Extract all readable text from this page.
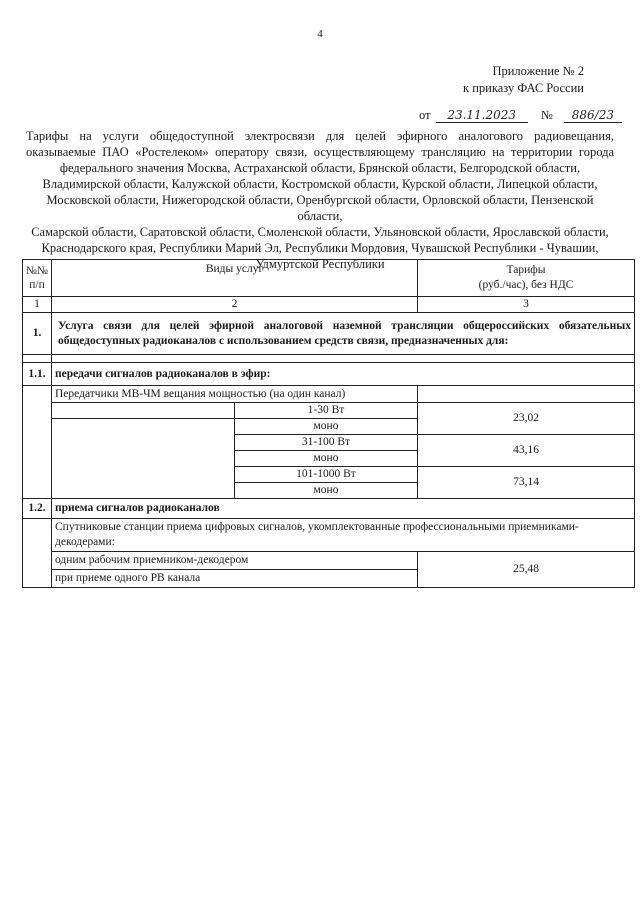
4
Приложение № 2
к приказу ФАС России
от 23.11.2023 № 886/23
Тарифы на услуги общедоступной электросвязи для целей эфирного аналогового радиовещания,
оказываемые ПАО «Ростелеком» оператору связи, осуществляющему трансляцию на территории города
федерального значения Москва, Астраханской области, Брянской области, Белгородской области,
Владимирской области, Калужской области, Костромской области, Курской области, Липецкой области,
Московской области, Нижегородской области, Оренбургской области, Орловской области, Пензенской области,
Самарской области, Саратовской области, Смоленской области, Ульяновской области, Ярославской области,
Краснодарского края, Республики Марий Эл, Республики Мордовия, Чувашской Республики - Чувашии,
Удмуртской Республики
№№ п/п	Виды услуг		Тарифы
(руб./час), без НДС

1	2		3
1.	Услуга связи для целей эфирной аналоговой наземной трансляции общероссийских обязательных общедоступных радиоканалов с использованием средств связи, предназначенных для:		

1.1.	передачи сигналов радиоканалов в эфир:		
	Передатчики МВ-ЧМ вещания мощностью (на один канал)		
		1-30 Вт	23,02
		моно	
		31-100 Вт	43,16
		моно	
		101-1000 Вт	73,14
		моно	
1.2.	приема сигналов радиоканалов		
	Спутниковые станции приема цифровых сигналов, укомплектованные профессиональными приемниками-декодерами:		
	одним рабочим приемником-декодером		25,48
	при приеме одного РВ канала		
